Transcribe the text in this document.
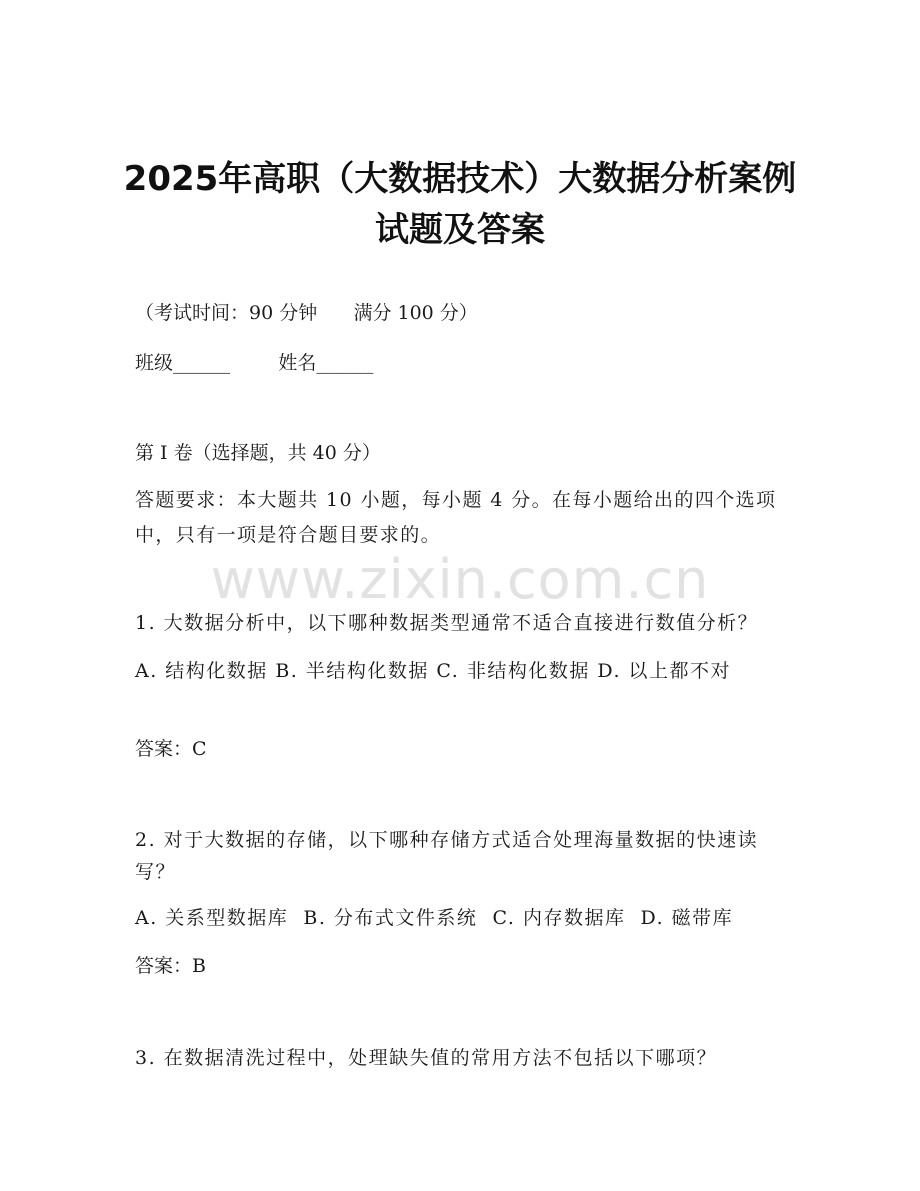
2025年高职（大数据技术）大数据分析案例
试题及答案
（考试时间：90 分钟      满分 100 分）
班级______        姓名______
第 I 卷（选择题，共 40 分）
答题要求：本大题共 10 小题，每小题 4 分。在每小题给出的四个选项中，只有一项是符合题目要求的。
www.zixin.com.cn
1. 大数据分析中，以下哪种数据类型通常不适合直接进行数值分析？
A. 结构化数据 B. 半结构化数据 C. 非结构化数据 D. 以上都不对
答案：C
2. 对于大数据的存储，以下哪种存储方式适合处理海量数据的快速读写？
A. 关系型数据库  B. 分布式文件系统  C. 内存数据库  D. 磁带库
答案：B
3. 在数据清洗过程中，处理缺失值的常用方法不包括以下哪项？
